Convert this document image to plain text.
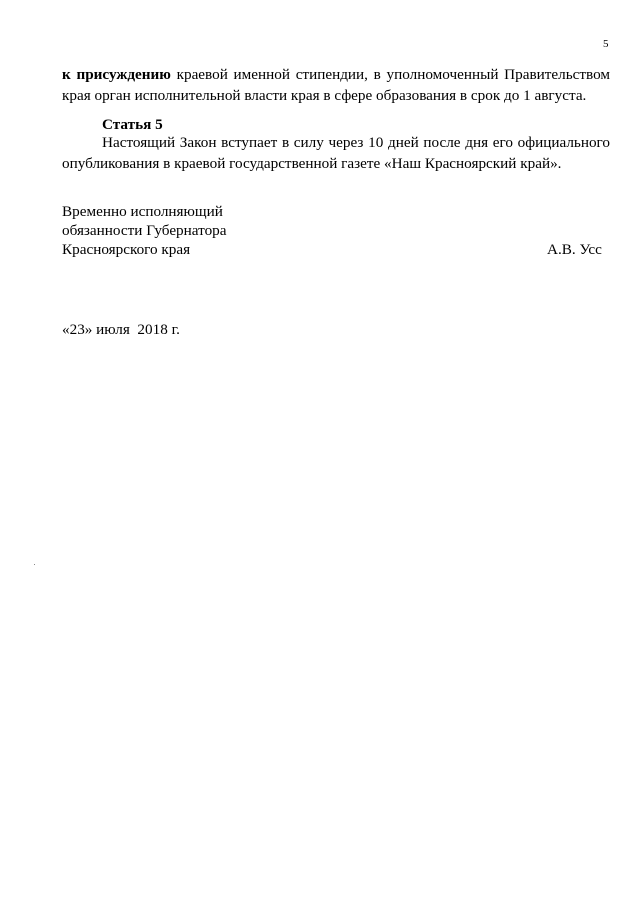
5
к присуждению краевой именной стипендии, в уполномоченный Правительством
края орган исполнительной власти края в сфере образования в срок до 1 августа.
Статья 5
Настоящий Закон вступает в силу через 10 дней после дня его официального
опубликования в краевой государственной газете «Наш Красноярский край».
Временно исполняющий
обязанности Губернатора
Красноярского края	А.В. Усс
«23» июля  2018 г.
